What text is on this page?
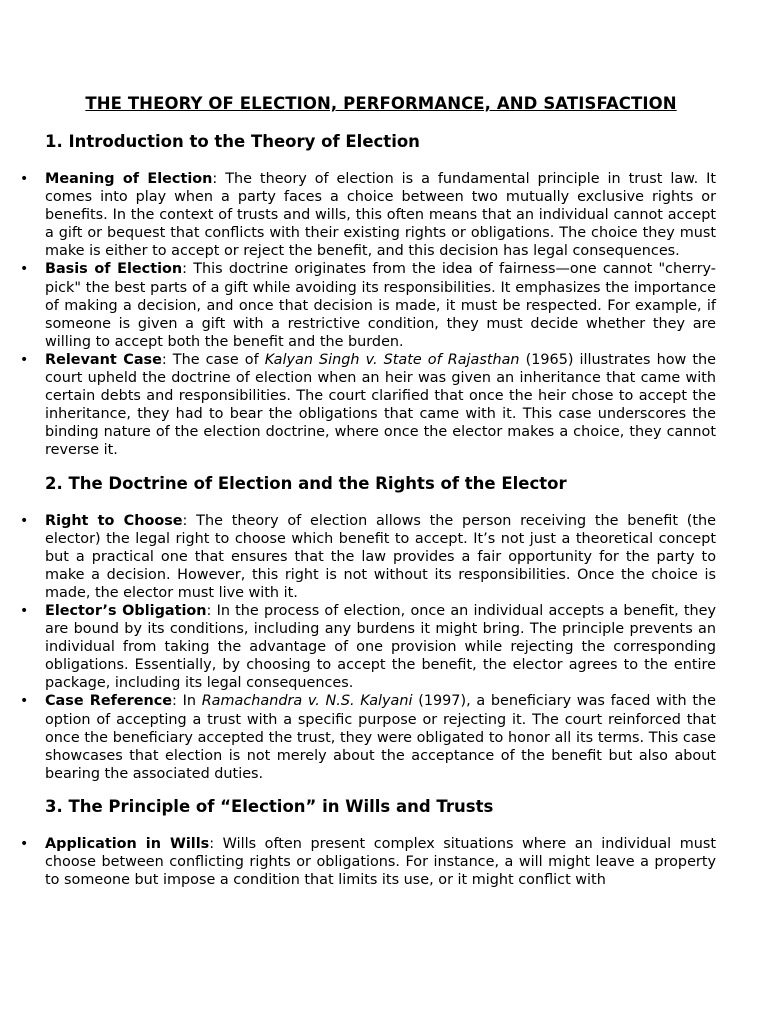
THE THEORY OF ELECTION, PERFORMANCE, AND SATISFACTION
1. Introduction to the Theory of Election
• Meaning of Election: The theory of election is a fundamental principle in trust law. It comes into play when a party faces a choice between two mutually exclusive rights or benefits. In the context of trusts and wills, this often means that an individual cannot accept a gift or bequest that conflicts with their existing rights or obligations. The choice they must make is either to accept or reject the benefit, and this decision has legal consequences.
• Basis of Election: This doctrine originates from the idea of fairness—one cannot "cherry-pick" the best parts of a gift while avoiding its responsibilities. It emphasizes the importance of making a decision, and once that decision is made, it must be respected. For example, if someone is given a gift with a restrictive condition, they must decide whether they are willing to accept both the benefit and the burden.
• Relevant Case: The case of Kalyan Singh v. State of Rajasthan (1965) illustrates how the court upheld the doctrine of election when an heir was given an inheritance that came with certain debts and responsibilities. The court clarified that once the heir chose to accept the inheritance, they had to bear the obligations that came with it. This case underscores the binding nature of the election doctrine, where once the elector makes a choice, they cannot reverse it.
2. The Doctrine of Election and the Rights of the Elector
• Right to Choose: The theory of election allows the person receiving the benefit (the elector) the legal right to choose which benefit to accept. It’s not just a theoretical concept but a practical one that ensures that the law provides a fair opportunity for the party to make a decision. However, this right is not without its responsibilities. Once the choice is made, the elector must live with it.
• Elector’s Obligation: In the process of election, once an individual accepts a benefit, they are bound by its conditions, including any burdens it might bring. The principle prevents an individual from taking the advantage of one provision while rejecting the corresponding obligations. Essentially, by choosing to accept the benefit, the elector agrees to the entire package, including its legal consequences.
• Case Reference: In Ramachandra v. N.S. Kalyani (1997), a beneficiary was faced with the option of accepting a trust with a specific purpose or rejecting it. The court reinforced that once the beneficiary accepted the trust, they were obligated to honor all its terms. This case showcases that election is not merely about the acceptance of the benefit but also about bearing the associated duties.
3. The Principle of “Election” in Wills and Trusts
• Application in Wills: Wills often present complex situations where an individual must choose between conflicting rights or obligations. For instance, a will might leave a property to someone but impose a condition that limits its use, or it might conflict with
